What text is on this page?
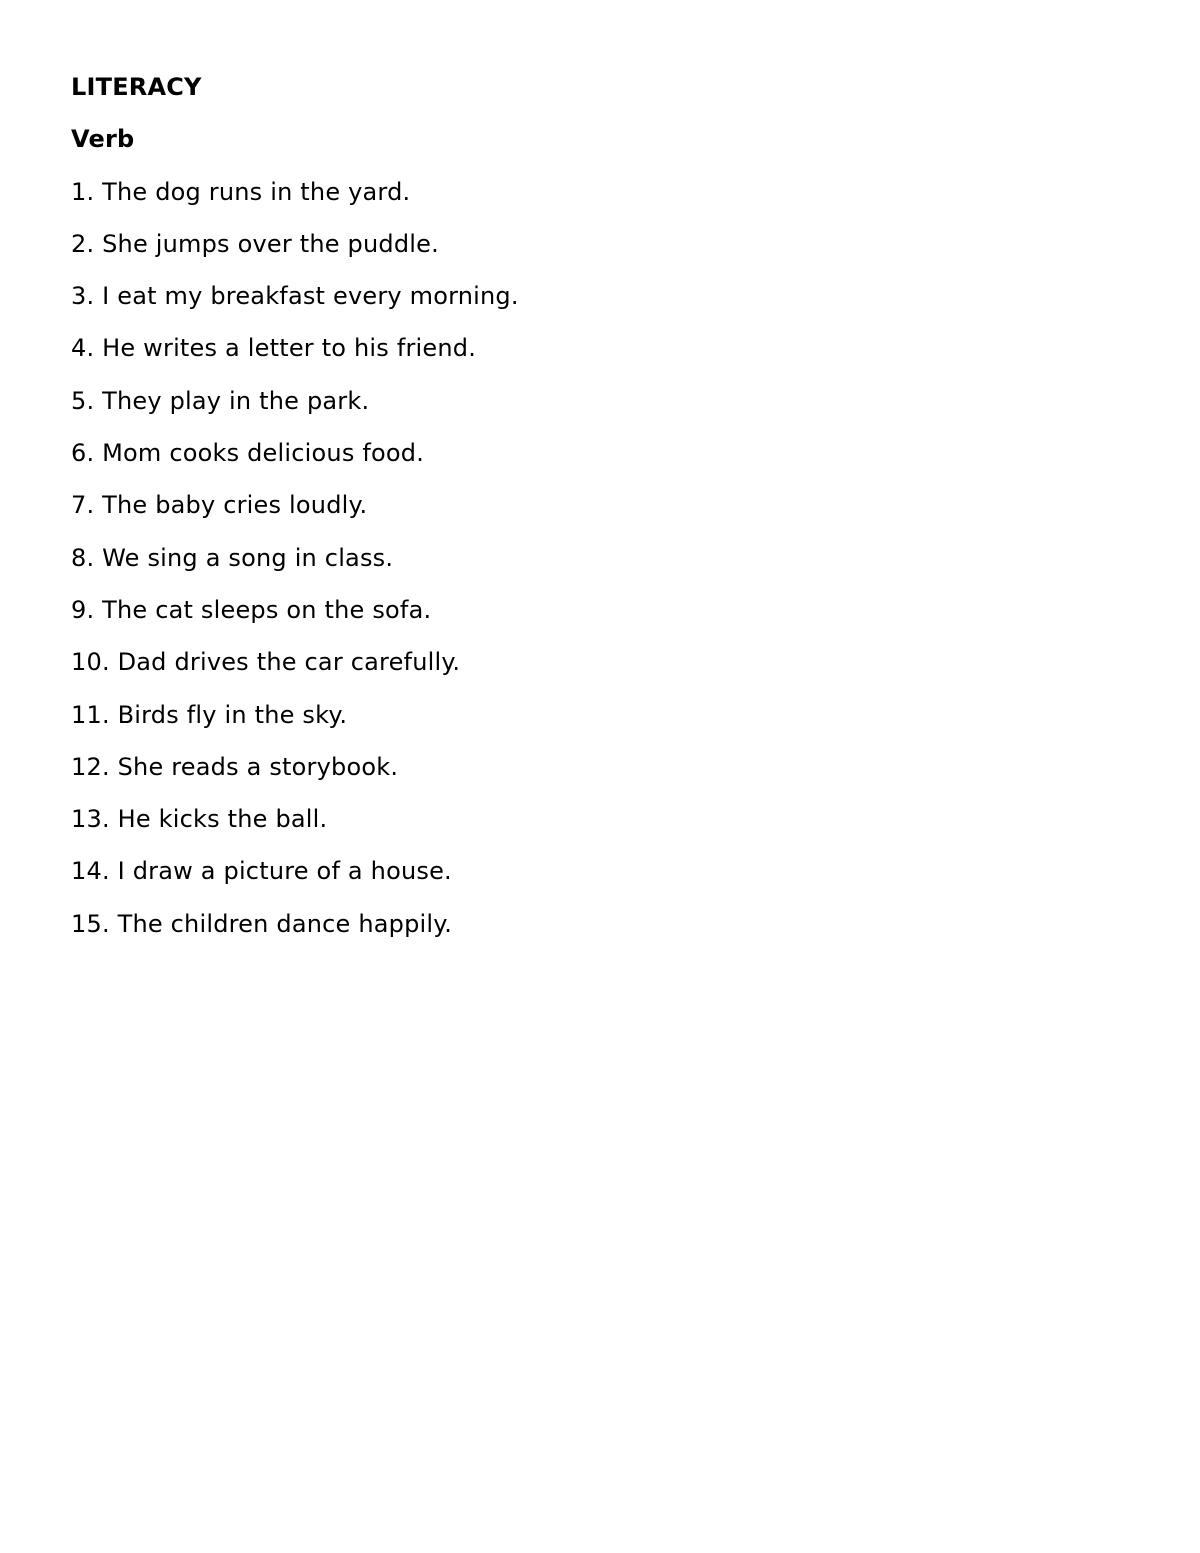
LITERACY
Verb
1. The dog runs in the yard.
2. She jumps over the puddle.
3. I eat my breakfast every morning.
4. He writes a letter to his friend.
5. They play in the park.
6. Mom cooks delicious food.
7. The baby cries loudly.
8. We sing a song in class.
9. The cat sleeps on the sofa.
10. Dad drives the car carefully.
11. Birds fly in the sky.
12. She reads a storybook.
13. He kicks the ball.
14. I draw a picture of a house.
15. The children dance happily.
